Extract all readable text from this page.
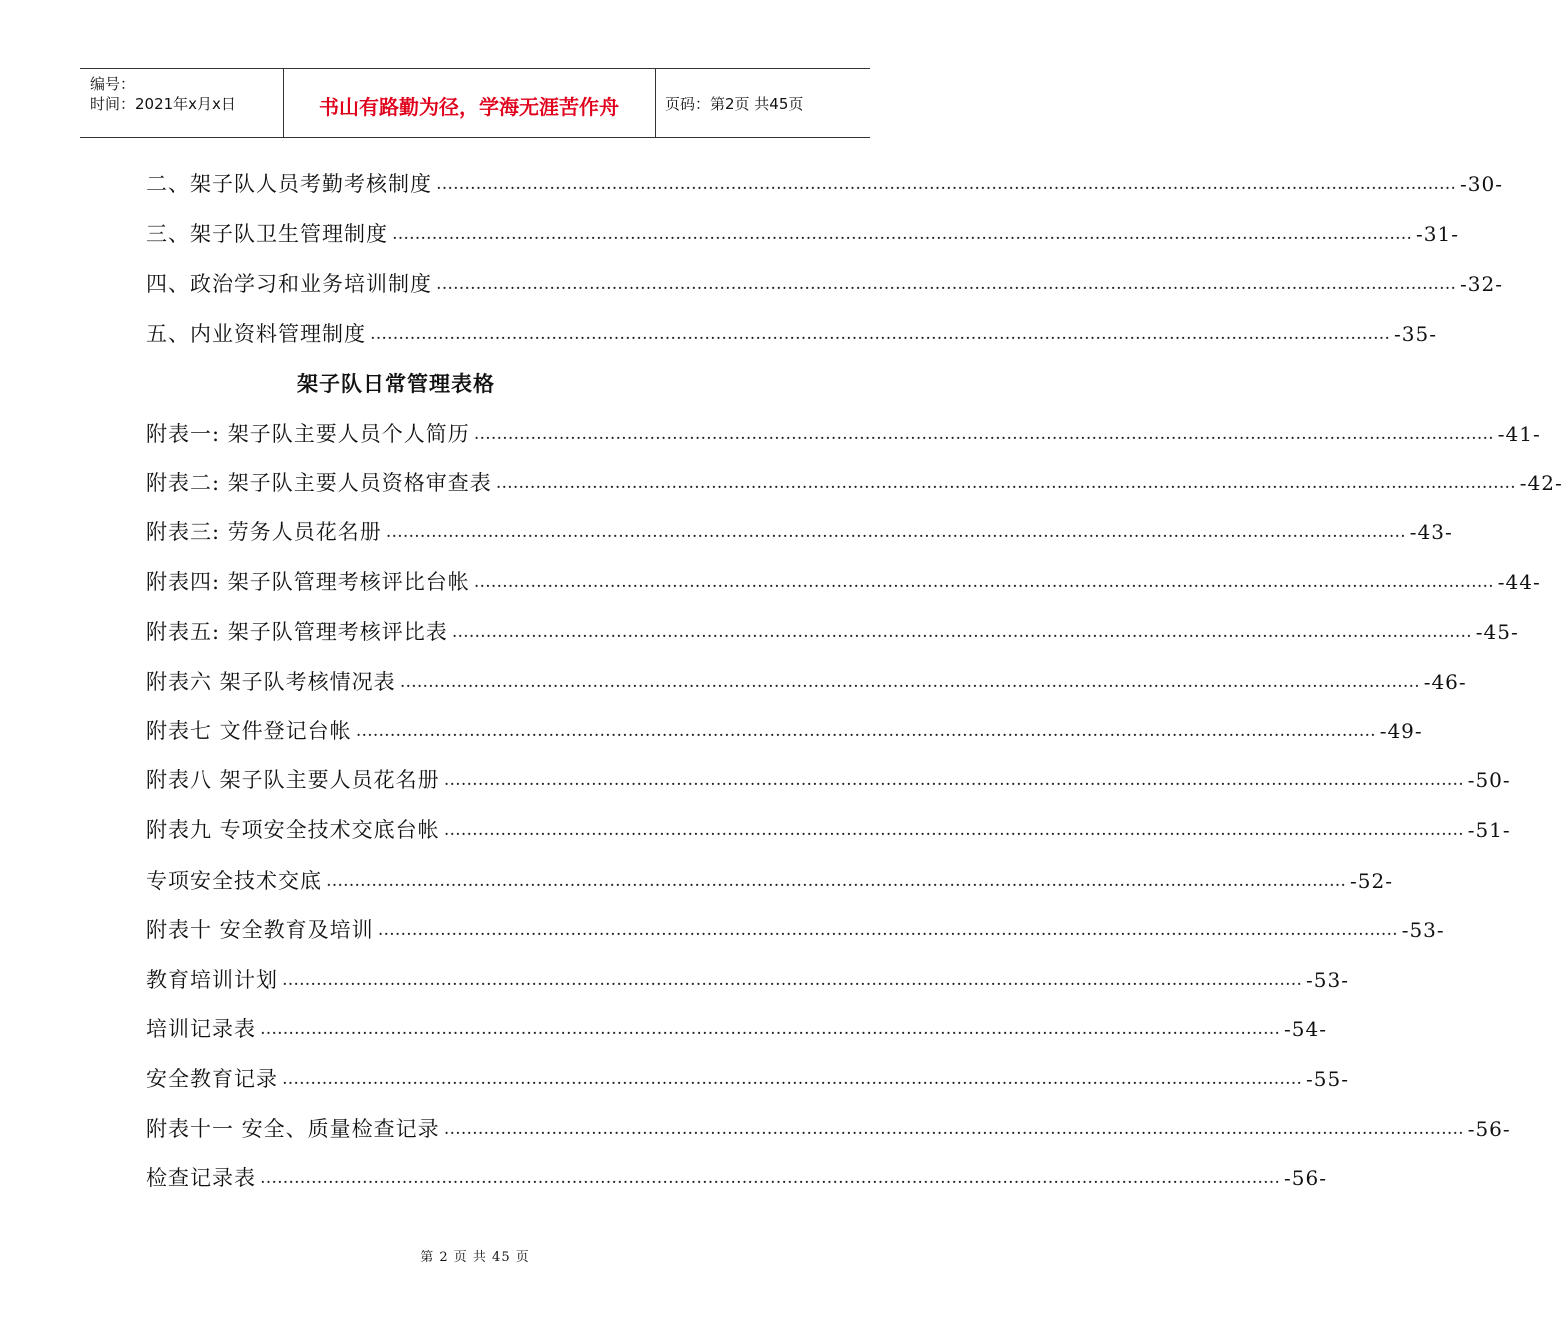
编号：
时间：2021年x月x日	书山有路勤为径，学海无涯苦作舟	页码：第2页 共45页
二、架子队人员考勤考核制度 ……………………………………………………………………………………………………………………………………………………………… -30-
三、架子队卫生管理制度 ……………………………………………………………………………………………………………………………………………………………… -31-
四、政治学习和业务培训制度 ……………………………………………………………………………………………………………………………………………………………… -32-
五、内业资料管理制度 ……………………………………………………………………………………………………………………………………………………………… -35-
附表一: 架子队主要人员个人简历 ……………………………………………………………………………………………………………………………………………………………… -41-
附表二: 架子队主要人员资格审查表 ……………………………………………………………………………………………………………………………………………………………… -42-
附表三: 劳务人员花名册 ……………………………………………………………………………………………………………………………………………………………… -43-
附表四: 架子队管理考核评比台帐 ……………………………………………………………………………………………………………………………………………………………… -44-
附表五: 架子队管理考核评比表 ……………………………………………………………………………………………………………………………………………………………… -45-
附表六 架子队考核情况表 ……………………………………………………………………………………………………………………………………………………………… -46-
附表七 文件登记台帐 ……………………………………………………………………………………………………………………………………………………………… -49-
附表八 架子队主要人员花名册 ……………………………………………………………………………………………………………………………………………………………… -50-
附表九 专项安全技术交底台帐 ……………………………………………………………………………………………………………………………………………………………… -51-
专项安全技术交底 ……………………………………………………………………………………………………………………………………………………………… -52-
附表十 安全教育及培训 ……………………………………………………………………………………………………………………………………………………………… -53-
教育培训计划 ……………………………………………………………………………………………………………………………………………………………… -53-
培训记录表 ……………………………………………………………………………………………………………………………………………………………… -54-
安全教育记录 ……………………………………………………………………………………………………………………………………………………………… -55-
附表十一 安全、质量检查记录 ……………………………………………………………………………………………………………………………………………………………… -56-
检查记录表 ……………………………………………………………………………………………………………………………………………………………… -56-
架子队日常管理表格
第 2 页 共 45 页
